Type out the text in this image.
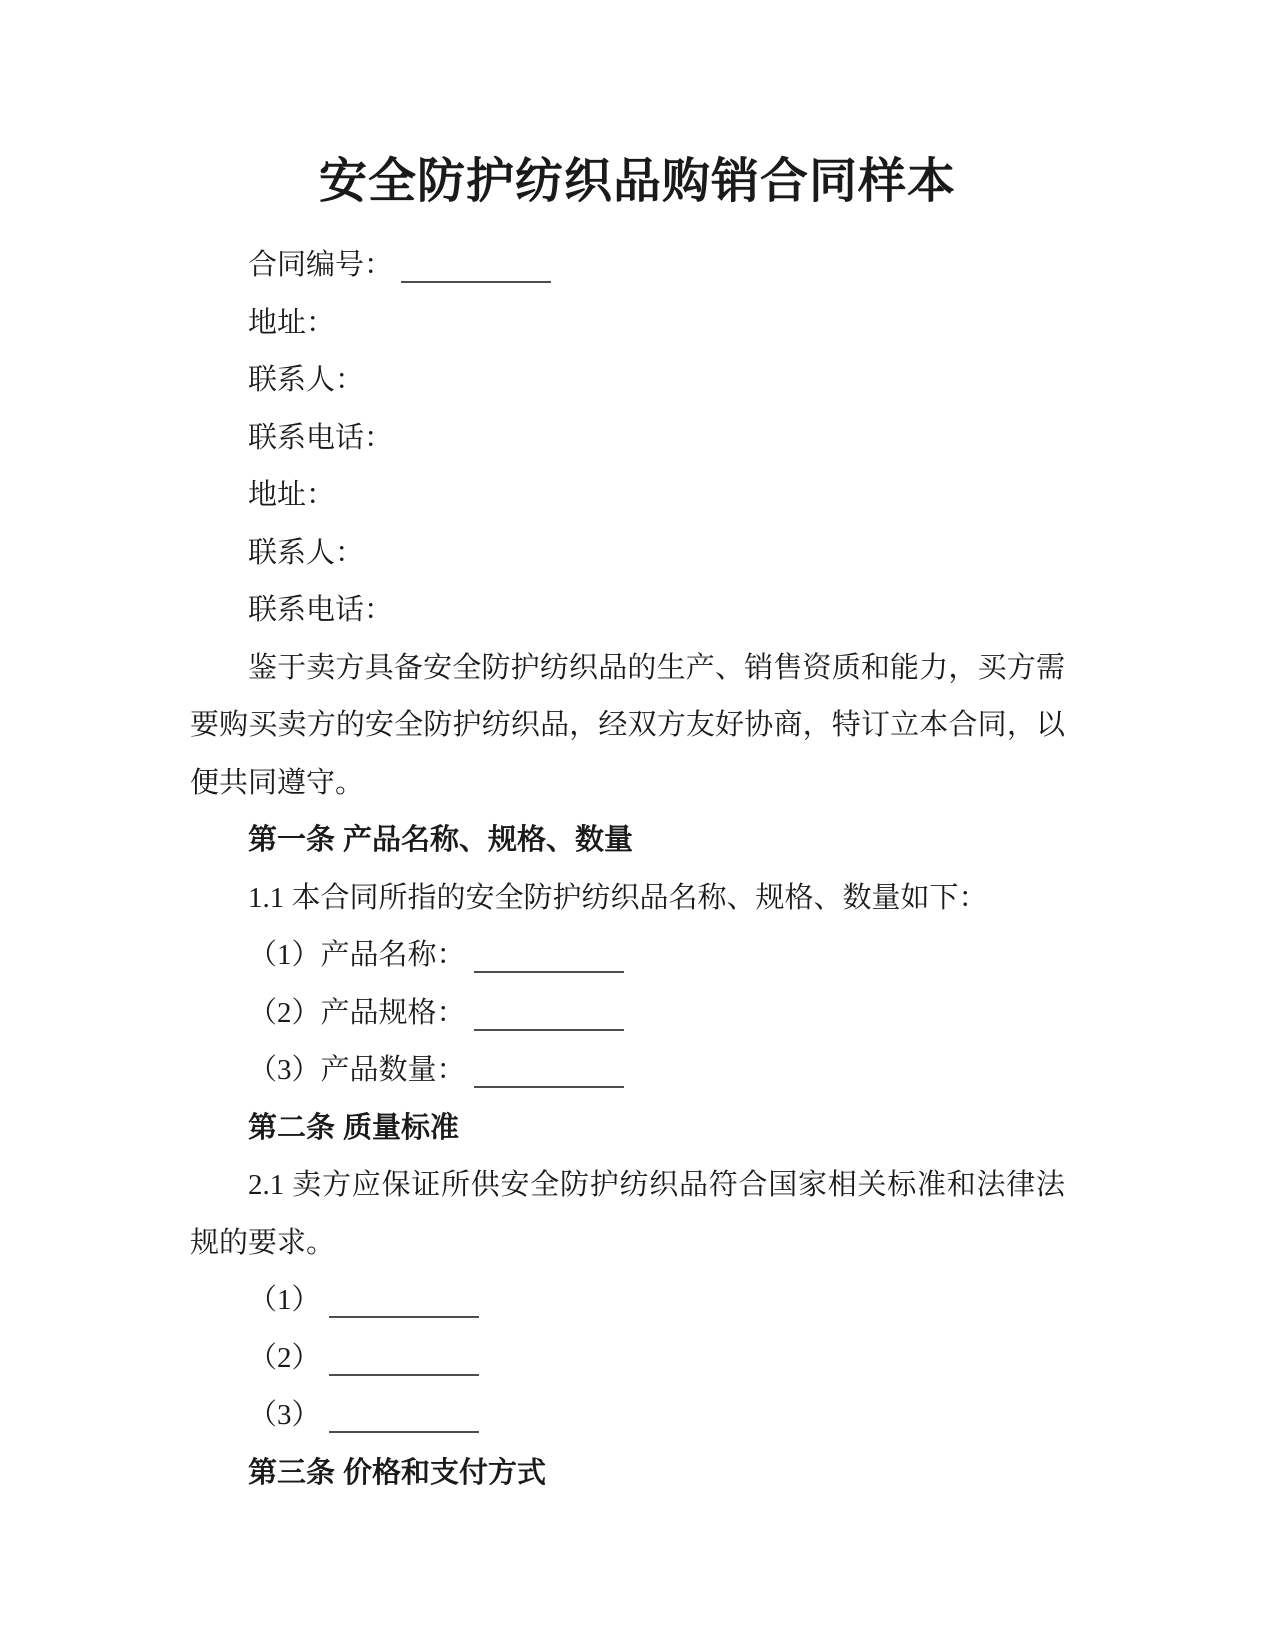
安全防护纺织品购销合同样本

合同编号：

地址：

联系人：

联系电话：

地址：

联系人：

联系电话：

鉴于卖方具备安全防护纺织品的生产、销售资质和能力，买方需

要购买卖方的安全防护纺织品，经双方友好协商，特订立本合同，以

便共同遵守。

第一条 产品名称、规格、数量

1.1 本合同所指的安全防护纺织品名称、规格、数量如下：

（1）产品名称：

（2）产品规格：

（3）产品数量：

第二条 质量标准

2.1 卖方应保证所供安全防护纺织品符合国家相关标准和法律法

规的要求。

（1）

（2）

（3）

第三条 价格和支付方式
